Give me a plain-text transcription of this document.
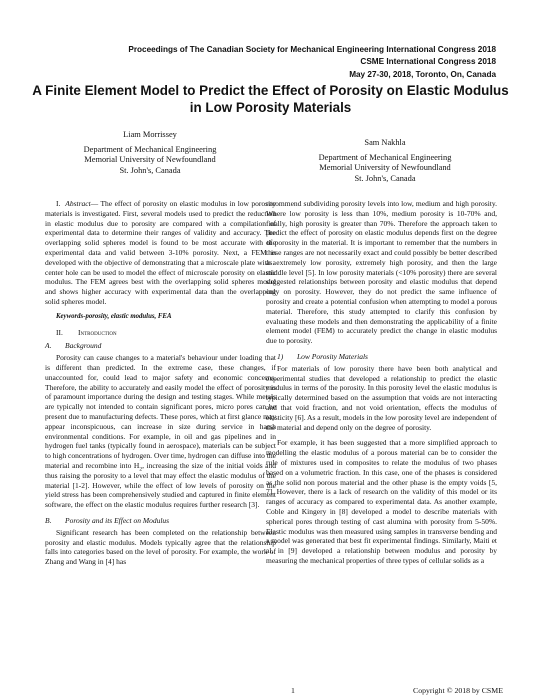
Proceedings of The Canadian Society for Mechanical Engineering International Congress 2018
CSME International Congress 2018
May 27-30, 2018, Toronto, On, Canada
A Finite Element Model to Predict the Effect of Porosity on Elastic Modulus in Low Porosity Materials
Liam Morrissey
Department of Mechanical Engineering
Memorial University of Newfoundland
St. John's, Canada
Sam Nakhla
Department of Mechanical Engineering
Memorial University of Newfoundland
St. John's, Canada

I. Abstract— The effect of porosity on elastic modulus in low porosity materials is investigated. First, several models used to predict the reduction in elastic modulus due to porosity are compared with a compilation of experimental data to determine their ranges of validity and accuracy. The overlapping solid spheres model is found to be most accurate with the experimental data and valid between 3-10% porosity. Next, a FEM is developed with the objective of demonstrating that a microscale plate with a center hole can be used to model the effect of microscale porosity on elastic modulus. The FEM agrees best with the overlapping solid spheres model and shows higher accuracy with experimental data than the overlapping solid spheres model.

Keywords-porosity, elastic modulus, FEA

II. Introduction

A. Background

Porosity can cause changes to a material's behaviour under loading that is different than predicted. In the extreme case, these changes, if unaccounted for, could lead to major safety and economic concerns. Therefore, the ability to accurately and easily model the effect of porosity is of paramount importance during the design and testing stages. While metals are typically not intended to contain significant pores, micro pores can be present due to manufacturing defects. These pores, which at first glance may appear inconspicuous, can increase in size during service in harsh environmental conditions. For example, in oil and gas pipelines and in hydrogen fuel tanks (typically found in aerospace), materials can be subject to high concentrations of hydrogen. Over time, hydrogen can diffuse into the material and recombine into $H_2$, increasing the size of the initial voids and thus raising the porosity to a level that may effect the elastic modulus of the material [1-2]. However, while the effect of low levels of porosity on the yield stress has been comprehensively studied and captured in finite element software, the effect on the elastic modulus requires further research [3].

B. Porosity and its Effect on Modulus

Significant research has been completed on the relationship between porosity and elastic modulus. Models typically agree that the relationship falls into categories based on the level of porosity. For example, the work of Zhang and Wang in [4] has

recommend subdividing porosity levels into low, medium and high porosity. Where low porosity is less than 10%, medium porosity is 10-70% and, finally, high porosity is greater than 70%. Therefore the approach taken to predict the effect of porosity on elastic modulus depends first on the degree of porosity in the material. It is important to remember that the numbers in these ranges are not necessarily exact and could possibly be better described as extremely low porosity, extremely high porosity, and then the large middle level [5]. In low porosity materials (<10% porosity) there are several suggested relationships between porosity and elastic modulus that depend only on porosity. However, they do not predict the same influence of porosity and create a potential confusion when attempting to model a porous material. Therefore, this study attempted to clarify this confusion by evaluating these models and then demonstrating the applicability of a finite element model (FEM) to accurately predict the change in elastic modulus due to porosity.

1) Low Porosity Materials

For materials of low porosity there have been both analytical and experimental studies that developed a relationship to predict the elastic modulus in terms of the porosity. In this porosity level the elastic modulus is typically determined based on the assumption that voids are not interacting and that void fraction, and not void orientation, effects the modulus of elasticity [6]. As a result, models in the low porosity level are independent of the material and depend only on the degree of porosity.

For example, it has been suggested that a more simplified approach to modelling the elastic modulus of a porous material can be to consider the rule of mixtures used in composites to relate the modulus of two phases based on a volumetric fraction. In this case, one of the phases is considered as the solid non porous material and the other phase is the empty voids [5, 7]. However, there is a lack of research on the validity of this model or its ranges of accuracy as compared to experimental data. As another example, Coble and Kingery in [8] developed a model to describe materials with spherical pores through testing of cast alumina with porosity from 5-50%. Elastic modulus was then measured using samples in transverse bending and a model was generated that best fit experimental findings. Similarly, Maiti et al. in [9] developed a relationship between modulus and porosity by measuring the mechanical properties of three types of cellular solids as a

1	Copyright © 2018 by CSME
